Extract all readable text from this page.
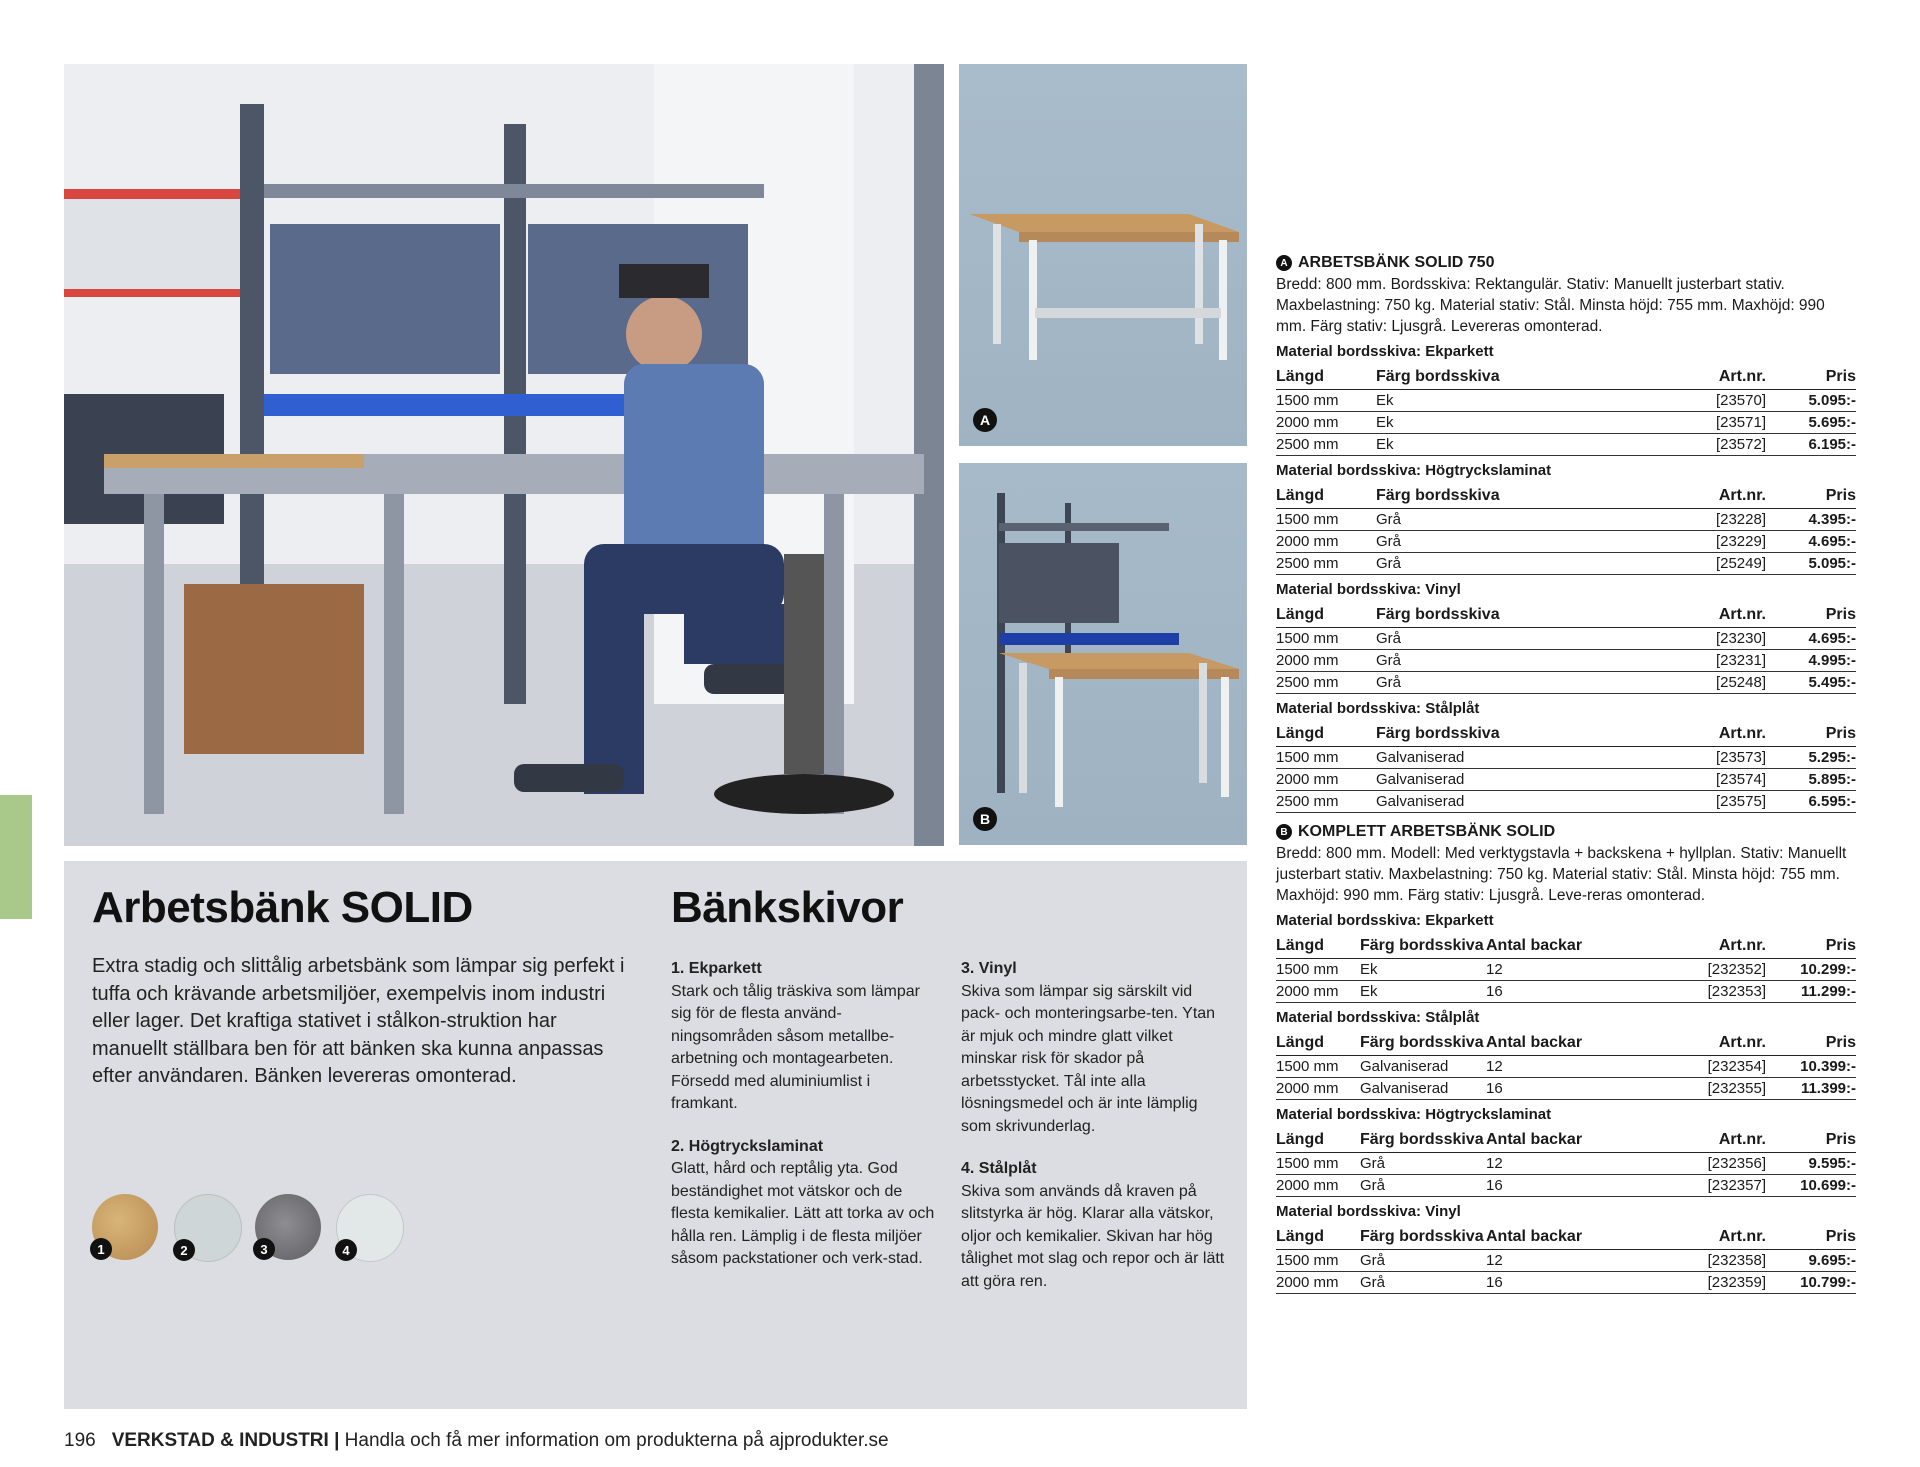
A
B
Arbetsbänk SOLID
Extra stadig och slittålig arbetsbänk som lämpar sig perfekt i tuffa och krävande arbetsmiljöer, exempelvis inom industri eller lager. Det kraftiga stativet i stålkon-struktion har manuellt ställbara ben för att bänken ska kunna anpassas efter användaren. Bänken levereras omonterad.
Bänkskivor

1. Ekparkett
Stark och tålig träskiva som lämpar sig för de flesta använd-ningsområden såsom metallbe-arbetning och montagearbeten. Försedd med aluminiumlist i framkant.

2. Högtryckslaminat
Glatt, hård och reptålig yta. God beständighet mot vätskor och de flesta kemikalier. Lätt att torka av och hålla ren. Lämplig i de flesta miljöer såsom packstationer och verk-stad.

3. Vinyl
Skiva som lämpar sig särskilt vid pack- och monteringsarbe-ten. Ytan är mjuk och mindre glatt vilket minskar risk för skador på arbetsstycket. Tål inte alla lösningsmedel och är inte lämplig som skrivunderlag.

4. Stålplåt
Skiva som används då kraven på slitstyrka är hög. Klarar alla vätskor, oljor och kemikalier. Skivan har hög tålighet mot slag och repor och är lätt att göra ren.

1	2	3	4
A ARBETSBÄNK SOLID 750
Bredd: 800 mm. Bordsskiva: Rektangulär. Stativ: Manuellt justerbart stativ. Maxbelastning: 750 kg. Material stativ: Stål. Minsta höjd: 755 mm. Maxhöjd: 990 mm. Färg stativ: Ljusgrå. Levereras omonterad.
Material bordsskiva: Ekparkett
Längd	Färg bordsskiva	Art.nr.	Pris
1500 mm	Ek	[23570]	5.095:-
2000 mm	Ek	[23571]	5.695:-
2500 mm	Ek	[23572]	6.195:-
Material bordsskiva: Högtryckslaminat
Längd	Färg bordsskiva	Art.nr.	Pris
1500 mm	Grå	[23228]	4.395:-
2000 mm	Grå	[23229]	4.695:-
2500 mm	Grå	[25249]	5.095:-
Material bordsskiva: Vinyl
Längd	Färg bordsskiva	Art.nr.	Pris
1500 mm	Grå	[23230]	4.695:-
2000 mm	Grå	[23231]	4.995:-
2500 mm	Grå	[25248]	5.495:-
Material bordsskiva: Stålplåt
Längd	Färg bordsskiva	Art.nr.	Pris
1500 mm	Galvaniserad	[23573]	5.295:-
2000 mm	Galvaniserad	[23574]	5.895:-
2500 mm	Galvaniserad	[23575]	6.595:-
B KOMPLETT ARBETSBÄNK SOLID
Bredd: 800 mm. Modell: Med verktygstavla + backskena + hyllplan. Stativ: Manuellt justerbart stativ. Maxbelastning: 750 kg. Material stativ: Stål. Minsta höjd: 755 mm. Maxhöjd: 990 mm. Färg stativ: Ljusgrå. Leve-reras omonterad.
Material bordsskiva: Ekparkett
Längd	Färg bordsskiva	Antal backar	Art.nr.	Pris
1500 mm	Ek	12	[232352]	10.299:-
2000 mm	Ek	16	[232353]	11.299:-
Material bordsskiva: Stålplåt
Längd	Färg bordsskiva	Antal backar	Art.nr.	Pris
1500 mm	Galvaniserad	12	[232354]	10.399:-
2000 mm	Galvaniserad	16	[232355]	11.399:-
Material bordsskiva: Högtryckslaminat
Längd	Färg bordsskiva	Antal backar	Art.nr.	Pris
1500 mm	Grå	12	[232356]	9.595:-
2000 mm	Grå	16	[232357]	10.699:-
Material bordsskiva: Vinyl
Längd	Färg bordsskiva	Antal backar	Art.nr.	Pris
1500 mm	Grå	12	[232358]	9.695:-
2000 mm	Grå	16	[232359]	10.799:-
196 VERKSTAD & INDUSTRI | Handla och få mer information om produkterna på ajprodukter.se
